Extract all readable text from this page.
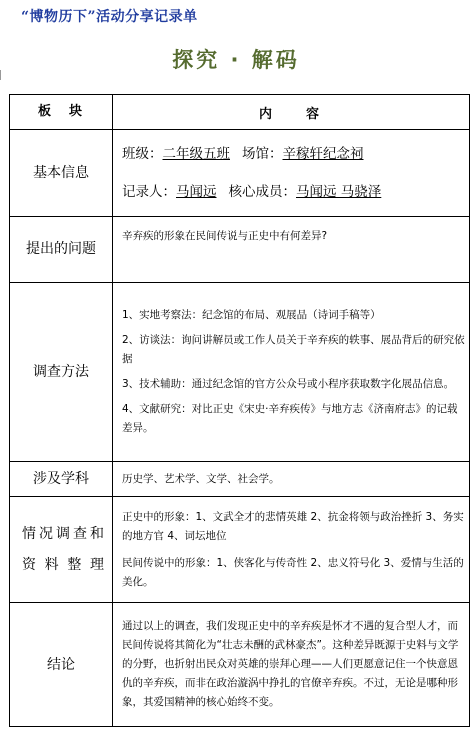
“博物历下”活动分享记录单
探究 · 解码
板块	内容
基本信息	班级：二年级五班 场馆：辛稼轩纪念祠
记录人：马闻远 核心成员：马闻远 马骁泽

提出的问题	辛弃疾的形象在民间传说与正史中有何差异?

调查方法	1、实地考察法：纪念馆的布局、观展品（诗词手稿等）

2、访谈法：询问讲解员或工作人员关于辛弃疾的轶事、展品背后的研究依据

3、技术辅助：通过纪念馆的官方公众号或小程序获取数字化展品信息。

4、文献研究：对比正史《宋史·辛弃疾传》与地方志《济南府志》的记载差异。

涉及学科	历史学、艺术学、文学、社会学。

情况调查和资料整理	正史中的形象：1、文武全才的悲情英雄 2、抗金将领与政治挫折 3、务实的地方官 4、词坛地位
民间传说中的形象：1、侠客化与传奇性 2、忠义符号化 3、爱情与生活的美化。

结论	通过以上的调查，我们发现正史中的辛弃疾是怀才不遇的复合型人才，而民间传说将其简化为“壮志未酬的武林豪杰”。这种差异既源于史料与文学的分野，也折射出民众对英雄的崇拜心理——人们更愿意记住一个快意恩仇的辛弃疾，而非在政治漩涡中挣扎的官僚辛弃疾。不过，无论是哪种形象，其爱国精神的核心始终不变。
